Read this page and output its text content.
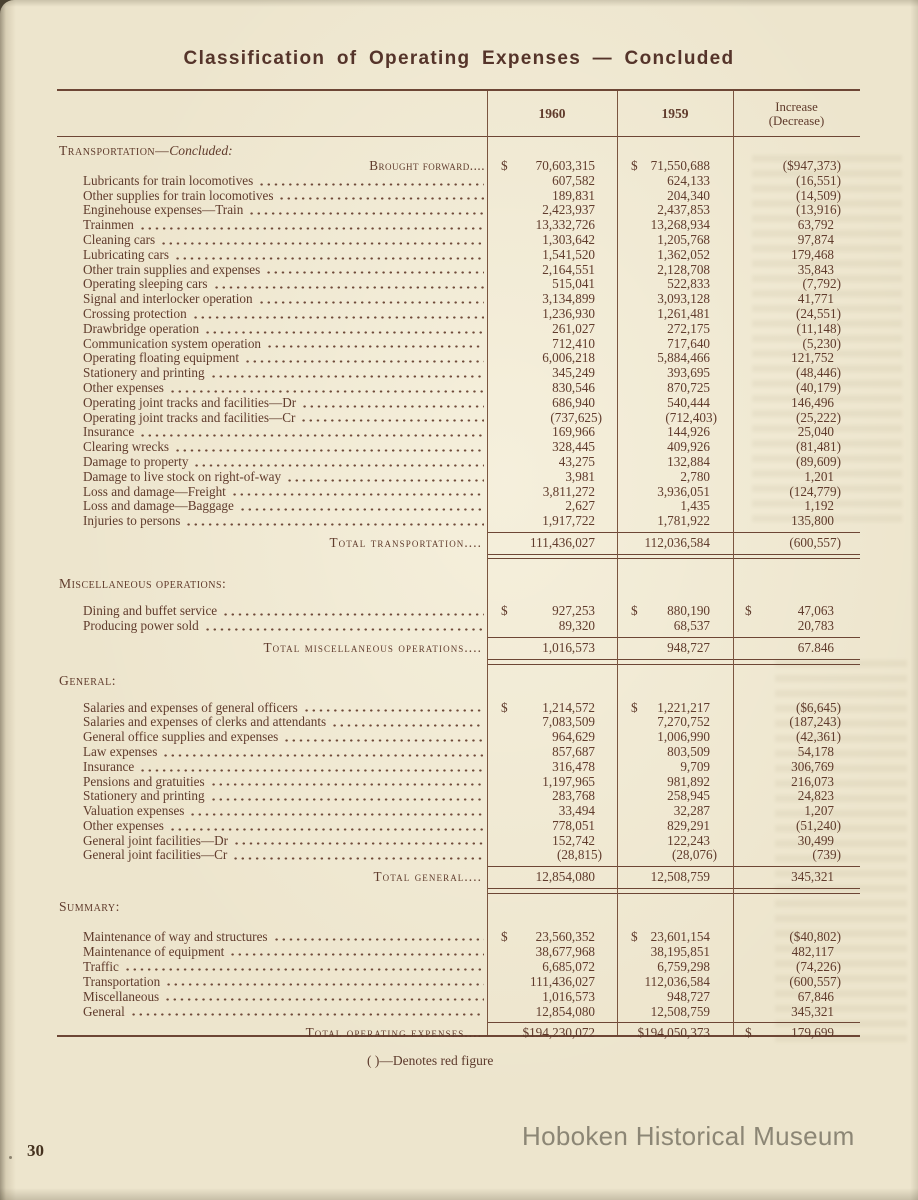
Classification of Operating Expenses — Concluded
1960	1959	Increase
(Decrease)
Transportation—Concluded:
Brought forward.... $ 70,603,315	$ 71,550,688	($947,373)
Lubricants for train locomotives	607,582	624,133	(16,551)
Other supplies for train locomotives	189,831	204,340	(14,509)
Enginehouse expenses—Train	2,423,937	2,437,853	(13,916)
Trainmen	13,332,726	13,268,934	63,792
Cleaning cars	1,303,642	1,205,768	97,874
Lubricating cars	1,541,520	1,362,052	179,468
Other train supplies and expenses	2,164,551	2,128,708	35,843
Operating sleeping cars	515,041	522,833	(7,792)
Signal and interlocker operation	3,134,899	3,093,128	41,771
Crossing protection	1,236,930	1,261,481	(24,551)
Drawbridge operation	261,027	272,175	(11,148)
Communication system operation	712,410	717,640	(5,230)
Operating floating equipment	6,006,218	5,884,466	121,752
Stationery and printing	345,249	393,695	(48,446)
Other expenses	830,546	870,725	(40,179)
Operating joint tracks and facilities—Dr	686,940	540,444	146,496
Operating joint tracks and facilities—Cr	(737,625)	(712,403)	(25,222)
Insurance	169,966	144,926	25,040
Clearing wrecks	328,445	409,926	(81,481)
Damage to property	43,275	132,884	(89,609)
Damage to live stock on right-of-way	3,981	2,780	1,201
Loss and damage—Freight	3,811,272	3,936,051	(124,779)
Loss and damage—Baggage	2,627	1,435	1,192
Injuries to persons	1,917,722	1,781,922	135,800
Total transportation....	111,436,027	112,036,584	(600,557)
Miscellaneous operations:
Dining and buffet service	$	927,253	$ 880,190	$	47,063
Producing power sold	89,320	68,537	20,783
Total miscellaneous operations....	1,016,573	948,727	67.846
General:
Salaries and expenses of general officers	$	1,214,572	$ 1,221,217	($6,645)
Salaries and expenses of clerks and attendants	7,083,509	7,270,752	(187,243)
General office supplies and expenses	964,629	1,006,990	(42,361)
Law expenses	857,687	803,509	54,178
Insurance	316,478	9,709	306,769
Pensions and gratuities	1,197,965	981,892	216,073
Stationery and printing	283,768	258,945	24,823
Valuation expenses	33,494	32,287	1,207
Other expenses	778,051	829,291	(51,240)
General joint facilities—Dr	152,742	122,243	30,499
General joint facilities—Cr	(28,815)	(28,076)	(739)
Total general....	12,854,080	12,508,759	345,321
Summary:
Maintenance of way and structures	$ 23,560,352	$ 23,601,154	($40,802)
Maintenance of equipment	38,677,968	38,195,851	482,117
Traffic	6,685,072	6,759,298	(74,226)
Transportation	111,436,027	112,036,584	(600,557)
Miscellaneous	1,016,573	948,727	67,846
General	12,854,080	12,508,759	345,321
Total operating expenses....	$194,230,072	$194,050,373	$	179,699
( )—Denotes red figure
Hoboken Historical Museum
30
